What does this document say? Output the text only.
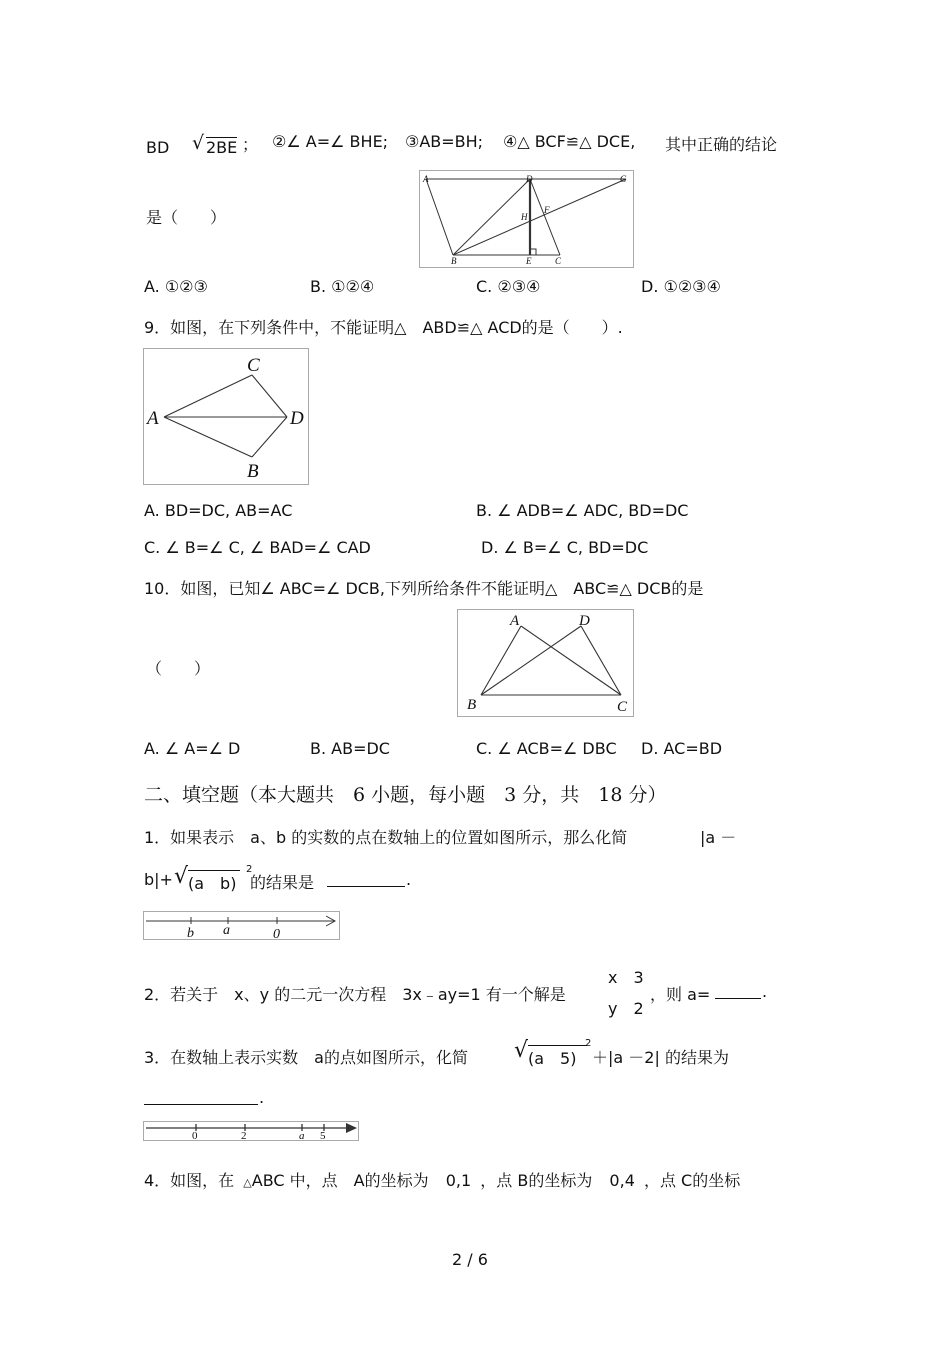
BD √ 2BE ； ②∠ A=∠ BHE; ③AB=BH; ④△ BCF≌△ DCE, 其中正确的结论
是（　　）
A	D	G
H
F
B	E	C
A. ①②③	B. ①②④	C. ②③④	D. ①②③④
9．如图，在下列条件中，不能证明△　ABD≌△ ACD的是（　　）.
C
A	D
B
A. BD=DC, AB=AC	B. ∠ ADB=∠ ADC, BD=DC
C. ∠ B=∠ C, ∠ BAD=∠ CAD	D. ∠ B=∠ C, BD=DC
10．如图，已知∠ ABC=∠ DCB,下列所给条件不能证明△　ABC≌△ DCB的是
（　　）
A	D
B	C
A. ∠ A=∠ D	B. AB=DC	C. ∠ ACB=∠ DBC D. AC=BD
二、填空题（本大题共　6 小题，每小题　3 分，共　18 分）
1．如果表示　a、b 的实数的点在数轴上的位置如图所示，那么化简	|a －
b|+ √ (a　b)
2
的结果是	.
b a	0
2．若关于　x、y 的二元一次方程　3x﹣ay=1 有一个解是
x　3
y　2
，则 a=	.
3．在数轴上表示实数　a的点如图所示，化简 √ (a　5)
2
＋|a －2| 的结果为
.
0	2	a 5
4．如图，在 △ABC 中，点　A的坐标为 0,1 ，点 B的坐标为 0,4 ，点 C的坐标
2 / 6
